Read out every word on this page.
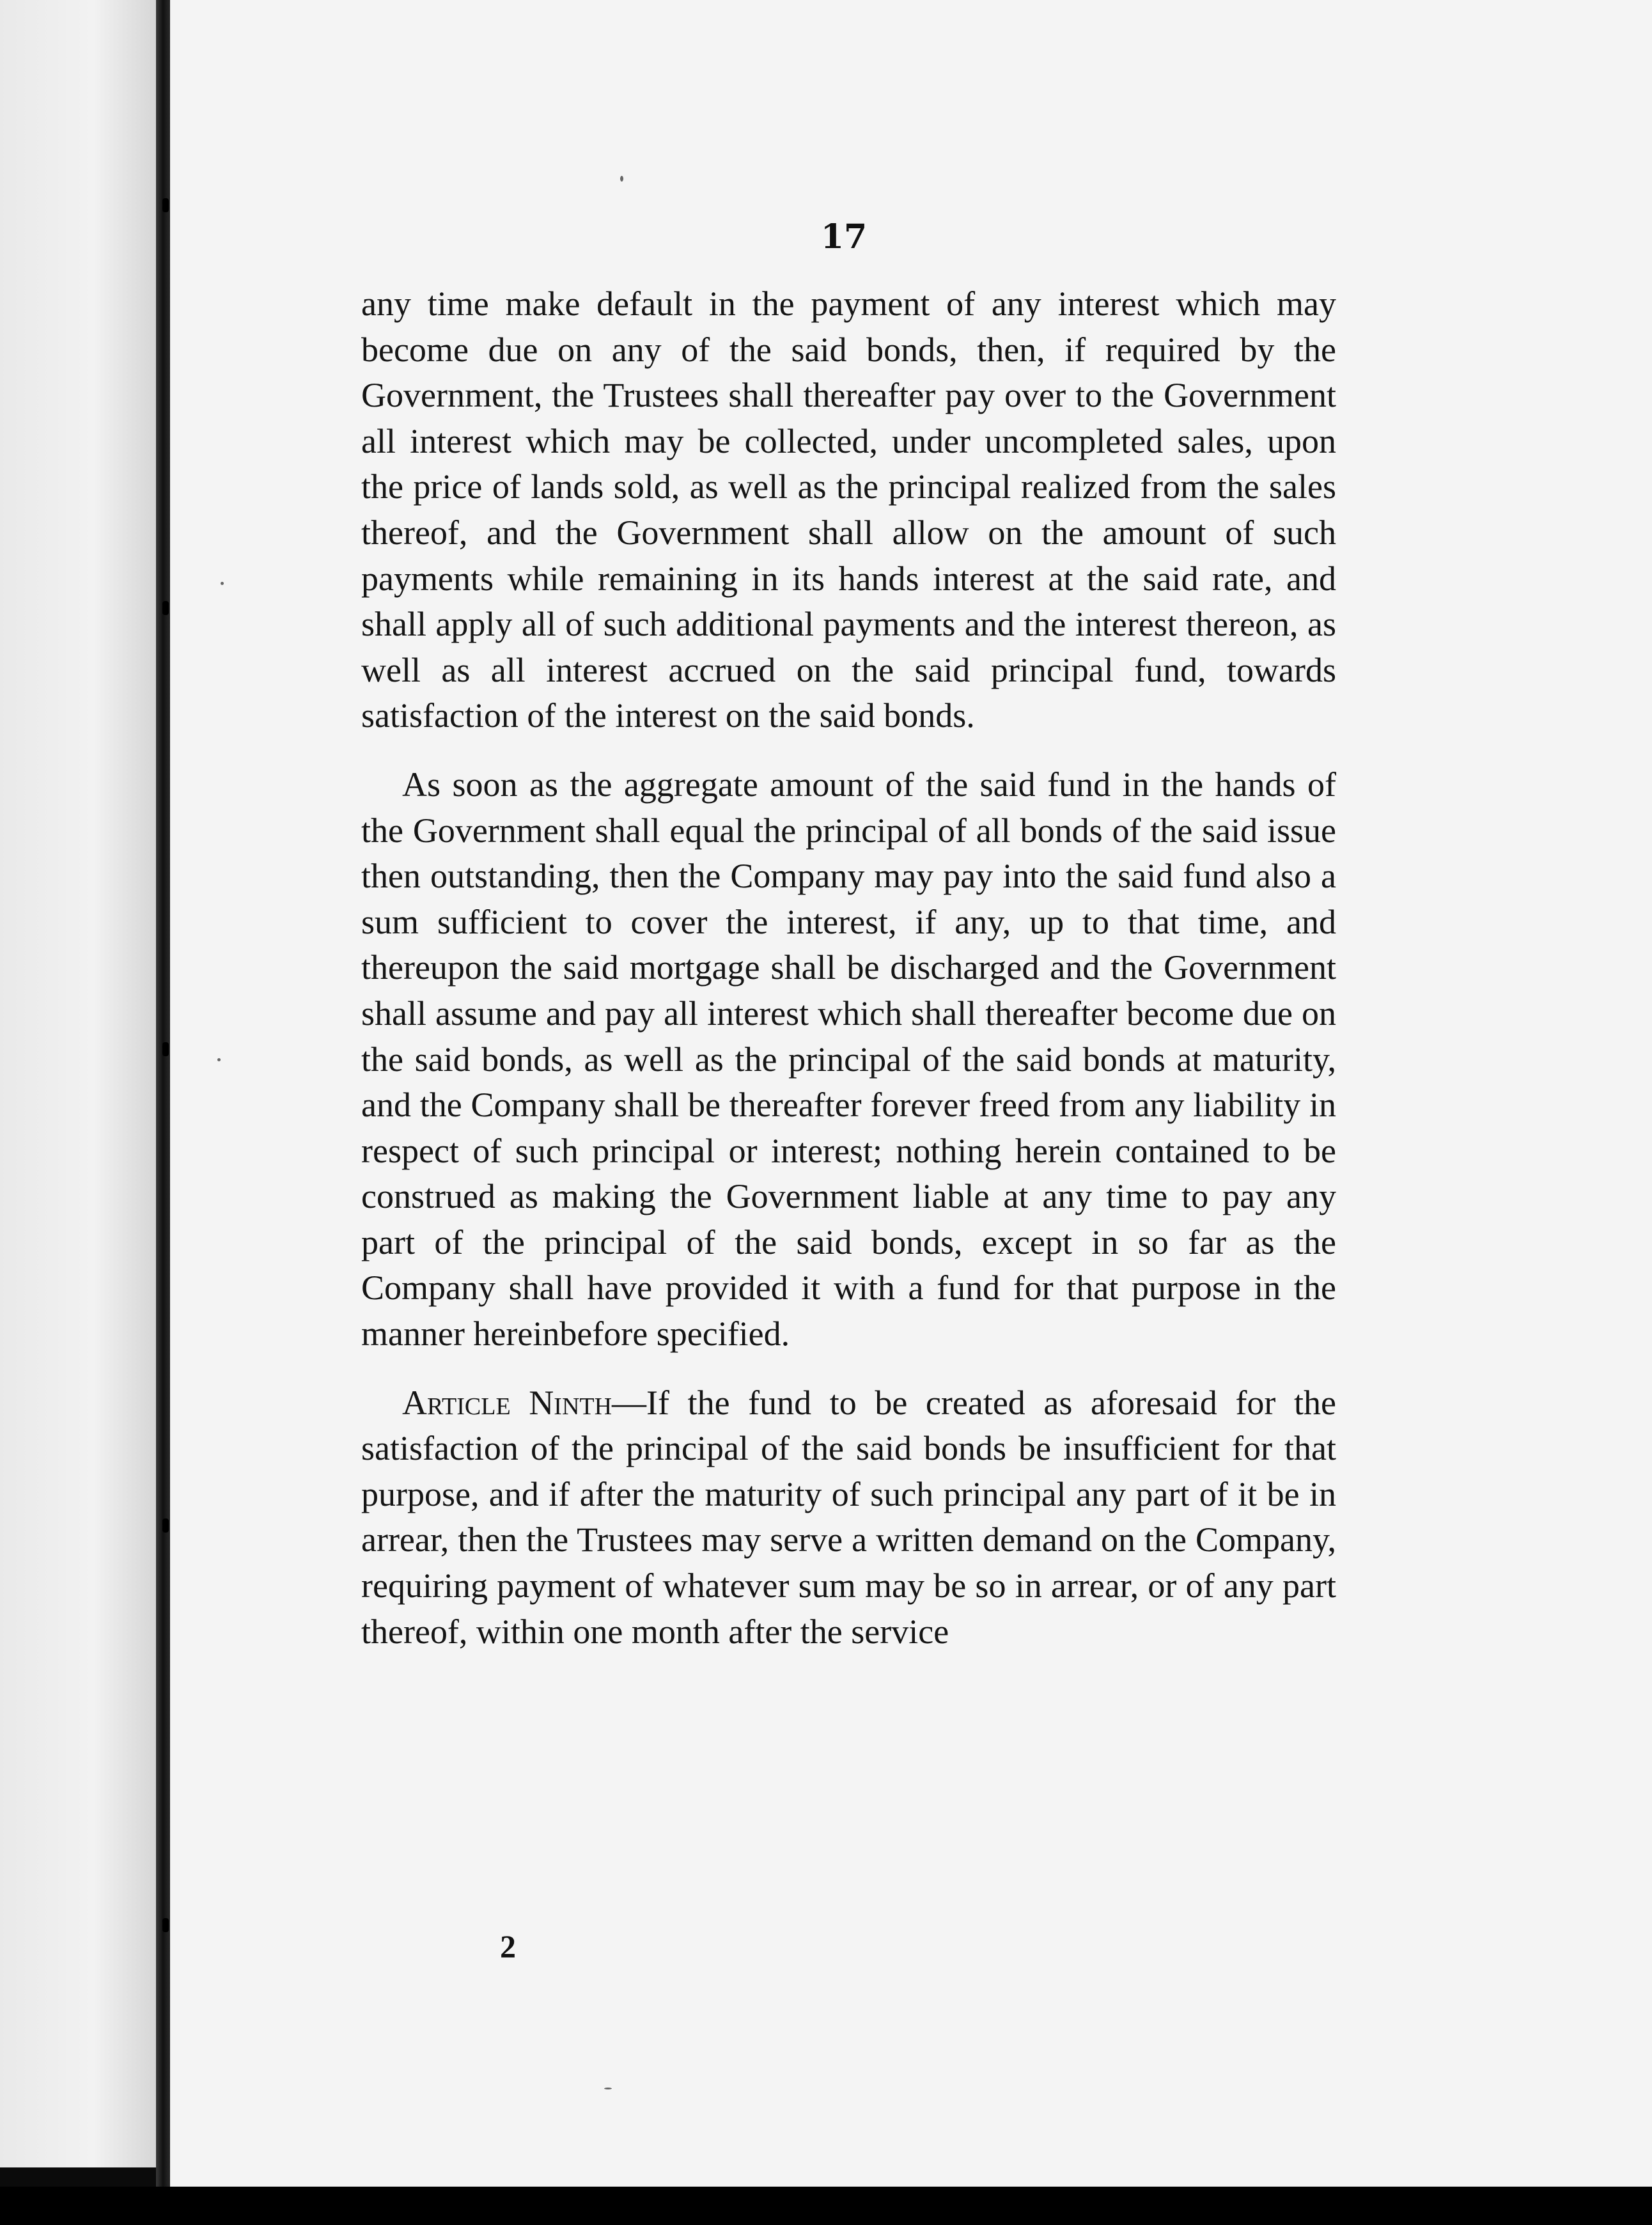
17

any time make default in the payment of any interest which may become due on any of the said bonds, then, if required by the Government, the Trustees shall thereafter pay over to the Government all interest which may be collected, under uncompleted sales, upon the price of lands sold, as well as the principal realized from the sales thereof, and the Government shall allow on the amount of such payments while remaining in its hands interest at the said rate, and shall apply all of such additional payments and the interest thereon, as well as all interest accrued on the said principal fund, towards satisfaction of the interest on the said bonds.

As soon as the aggregate amount of the said fund in the hands of the Government shall equal the principal of all bonds of the said issue then outstanding, then the Company may pay into the said fund also a sum sufficient to cover the interest, if any, up to that time, and thereupon the said mortgage shall be discharged and the Government shall assume and pay all interest which shall thereafter become due on the said bonds, as well as the principal of the said bonds at maturity, and the Company shall be thereafter forever freed from any liability in respect of such principal or interest; nothing herein contained to be construed as making the Government liable at any time to pay any part of the principal of the said bonds, except in so far as the Company shall have provided it with a fund for that purpose in the manner hereinbefore specified.

Article Ninth—If the fund to be created as aforesaid for the satisfaction of the principal of the said bonds be insufficient for that purpose, and if after the maturity of such principal any part of it be in arrear, then the Trustees may serve a written demand on the Company, requiring payment of whatever sum may be so in arrear, or of any part thereof, within one month after the service

2
